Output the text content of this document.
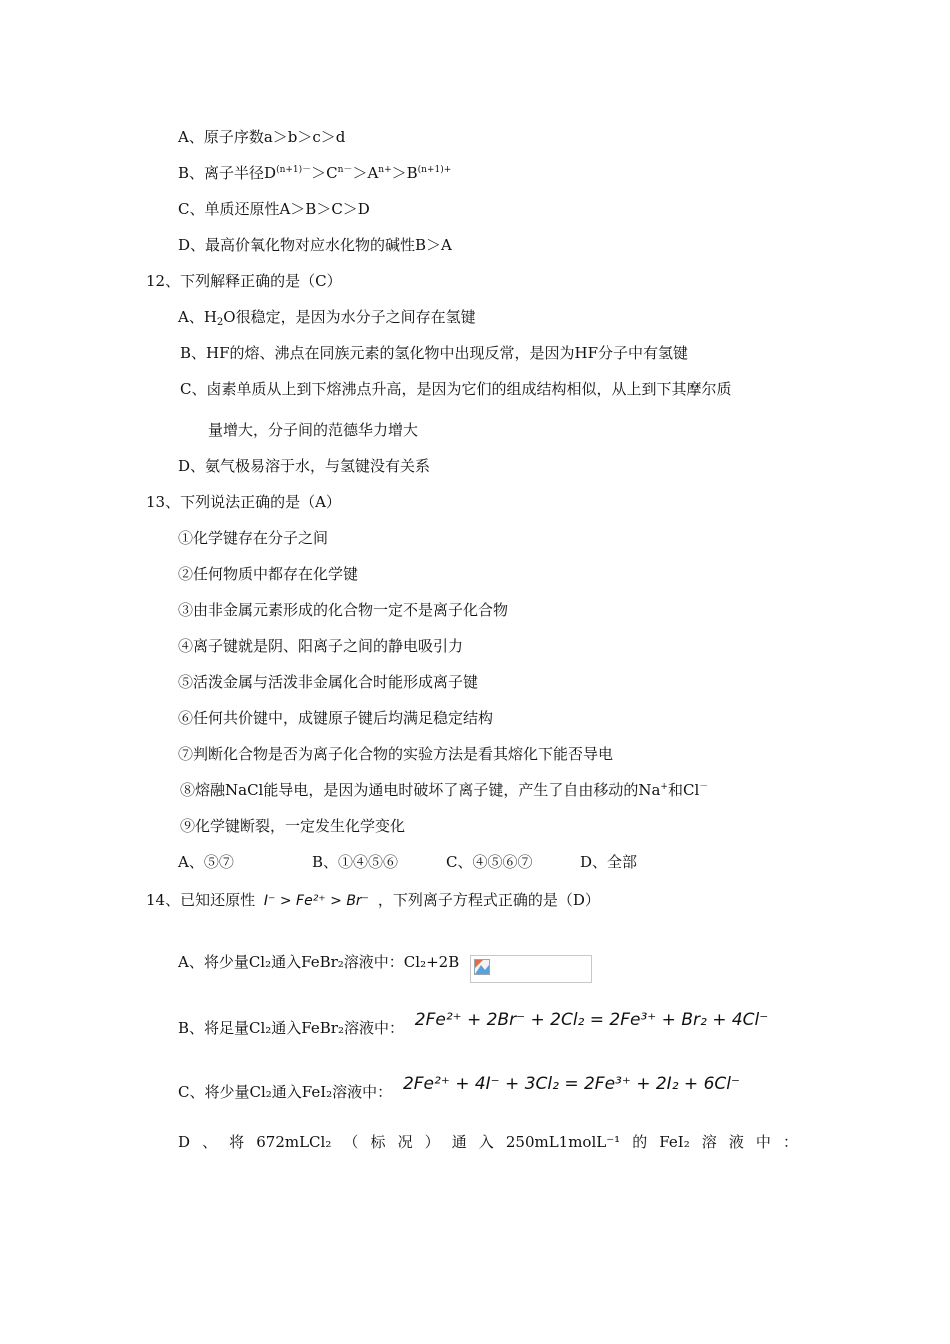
A、原子序数a＞b＞c＞d
B、离子半径$D^{(n+1)-}>C^{n-}>A^{n+}>B^{(n+1)+}$
C、单质还原性A＞B＞C＞D
D、最高价氧化物对应水化物的碱性B＞A
12、下列解释正确的是（C）
A、$H_2O$很稳定，是因为水分子之间存在氢键
B、HF的熔、沸点在同族元素的氢化物中出现反常，是因为HF分子中有氢键
C、卤素单质从上到下熔沸点升高，是因为它们的组成结构相似，从上到下其摩尔质
量增大，分子间的范德华力增大
D、氨气极易溶于水，与氢键没有关系
13、下列说法正确的是（A）
①化学键存在分子之间
②任何物质中都存在化学键
③由非金属元素形成的化合物一定不是离子化合物
④离子键就是阴、阳离子之间的静电吸引力
⑤活泼金属与活泼非金属化合时能形成离子键
⑥任何共价键中，成键原子键后均满足稳定结构
⑦判断化合物是否为离子化合物的实验方法是看其熔化下能否导电
⑧熔融NaCl能导电，是因为通电时破坏了离子键，产生了自由移动的Na+和Cl－
⑨化学键断裂，一定发生化学变化
A、⑤⑦	B、①④⑤⑥	C、④⑤⑥⑦	D、全部
14、已知还原性 I⁻ > Fe²⁺ > Br⁻ ，下列离子方程式正确的是（D）
A、将少量Cl₂通入FeBr₂溶液中：Cl₂+2B
B、将足量Cl₂通入FeBr₂溶液中： 2Fe²⁺ + 2Br⁻ + 2Cl₂ = 2Fe³⁺ + Br₂ + 4Cl⁻
C、将少量Cl₂通入FeI₂溶液中： 2Fe²⁺ + 4I⁻ + 3Cl₂ = 2Fe³⁺ + 2I₂ + 6Cl⁻
D、将672mLCl₂（标况）通入250mL1molL⁻¹的FeI₂溶液中：
